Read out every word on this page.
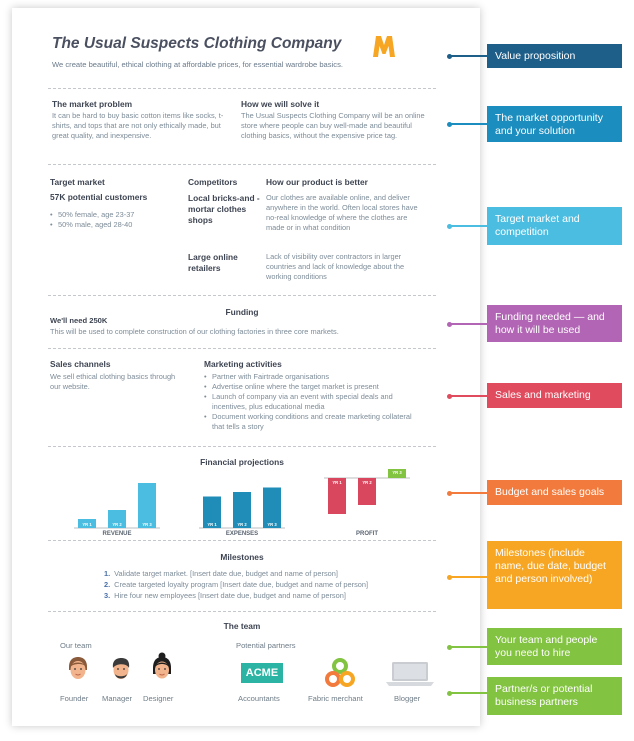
The Usual Suspects Clothing Company
We create beautiful, ethical clothing at affordable prices, for essential wardrobe basics.
The market problem
It can be hard to buy basic cotton items like socks, t-shirts, and tops that are not only ethically made, but great quality, and inexpensive.
How we will solve it
The Usual Suspects Clothing Company will be an online store where people can buy well-made and beautiful clothing basics, without the expensive price tag.
Target market
57K potential customers
• 50% female, age 23-37
• 50% male, aged 28-40
Competitors	How our product is better
Local bricks-and -mortar clothes shops
Our clothes are available online, and deliver anywhere in the world. Often local stores have no-real knowledge of where the clothes are made or in what condition
Large online retailers
Lack of visibility over contractors in larger countries and lack of knowledge about the working conditions
Funding
We'll need 250K
This will be used to complete construction of our clothing factories in three core markets.
Sales channels
We sell ethical clothing basics through our website.
Marketing activities
• Partner with Fairtrade organisations
• Advertise online where the target market is present
• Launch of company via an event with special deals and incentives, plus educational media
• Document working conditions and create marketing collateral that tells a story
Financial projections
YR 1	YR 2	YR 3
REVENUE
YR 1	YR 2	YR 3
EXPENSES
YR 1	YR 2
YR 3
PROFIT
Milestones
1. Validate target market. [Insert date due, budget and name of person]
2. Create targeted loyalty program [Insert date due, budget and name of person]
3. Hire four new employees [Insert date due, budget and name of person]
The team
Our team	Potential partners
Founder Manager Designer
ACME
Accountants	Fabric merchant	Blogger
Value proposition
The market opportunity and your solution
Target market and competition
Funding needed — and how it will be used
Sales and marketing
Budget and sales goals
Milestones (include name, due date, budget and person involved)
Your team and people you need to hire
Partner/s or potential business partners
